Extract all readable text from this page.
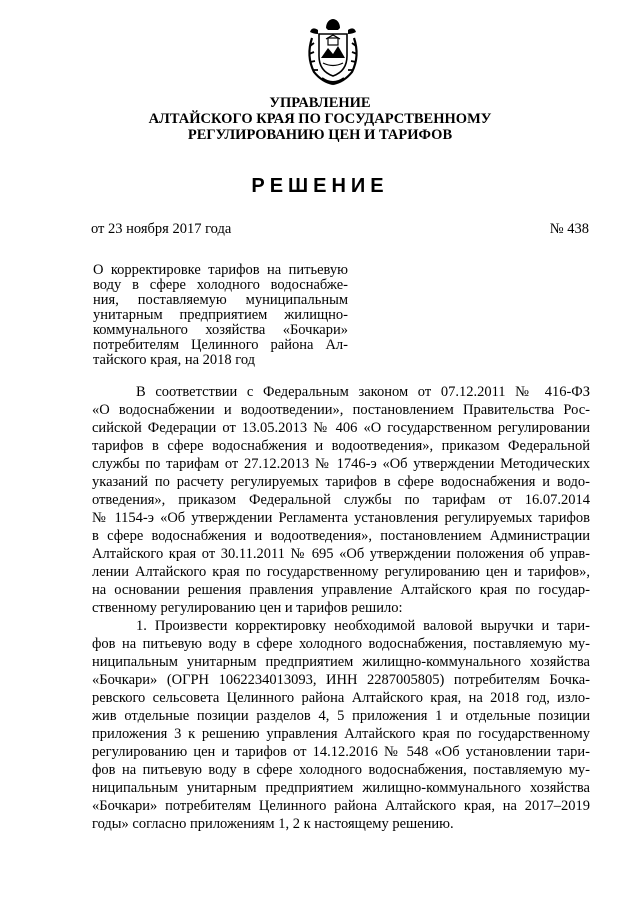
УПРАВЛЕНИЕ
АЛТАЙСКОГО КРАЯ ПО ГОСУДАРСТВЕННОМУ
РЕГУЛИРОВАНИЮ ЦЕН И ТАРИФОВ
РЕШЕНИЕ
от 23 ноября 2017 года	№ 438
О корректировке тарифов на питьевую
воду в сфере холодного водоснабже-
ния, поставляемую муниципальным
унитарным предприятием жилищно-
коммунального хозяйства «Бочкари»
потребителям Целинного района Ал-
тайского края, на 2018 год
В соответствии с Федеральным законом от 07.12.2011 № 416-ФЗ
«О водоснабжении и водоотведении», постановлением Правительства Рос-
сийской Федерации от 13.05.2013 № 406 «О государственном регулировании
тарифов в сфере водоснабжения и водоотведения», приказом Федеральной
службы по тарифам от 27.12.2013 № 1746-э «Об утверждении Методических
указаний по расчету регулируемых тарифов в сфере водоснабжения и водо-
отведения», приказом Федеральной службы по тарифам от 16.07.2014
№ 1154-э «Об утверждении Регламента установления регулируемых тарифов
в сфере водоснабжения и водоотведения», постановлением Администрации
Алтайского края от 30.11.2011 № 695 «Об утверждении положения об управ-
лении Алтайского края по государственному регулированию цен и тарифов»,
на основании решения правления управление Алтайского края по государ-
ственному регулированию цен и тарифов решило:
1. Произвести корректировку необходимой валовой выручки и тари-
фов на питьевую воду в сфере холодного водоснабжения, поставляемую му-
ниципальным унитарным предприятием жилищно-коммунального хозяйства
«Бочкари» (ОГРН 1062234013093, ИНН 2287005805) потребителям Бочка-
ревского сельсовета Целинного района Алтайского края, на 2018 год, изло-
жив отдельные позиции разделов 4, 5 приложения 1 и отдельные позиции
приложения 3 к решению управления Алтайского края по государственному
регулированию цен и тарифов от 14.12.2016 № 548 «Об установлении тари-
фов на питьевую воду в сфере холодного водоснабжения, поставляемую му-
ниципальным унитарным предприятием жилищно-коммунального хозяйства
«Бочкари» потребителям Целинного района Алтайского края, на 2017–2019
годы» согласно приложениям 1, 2 к настоящему решению.
